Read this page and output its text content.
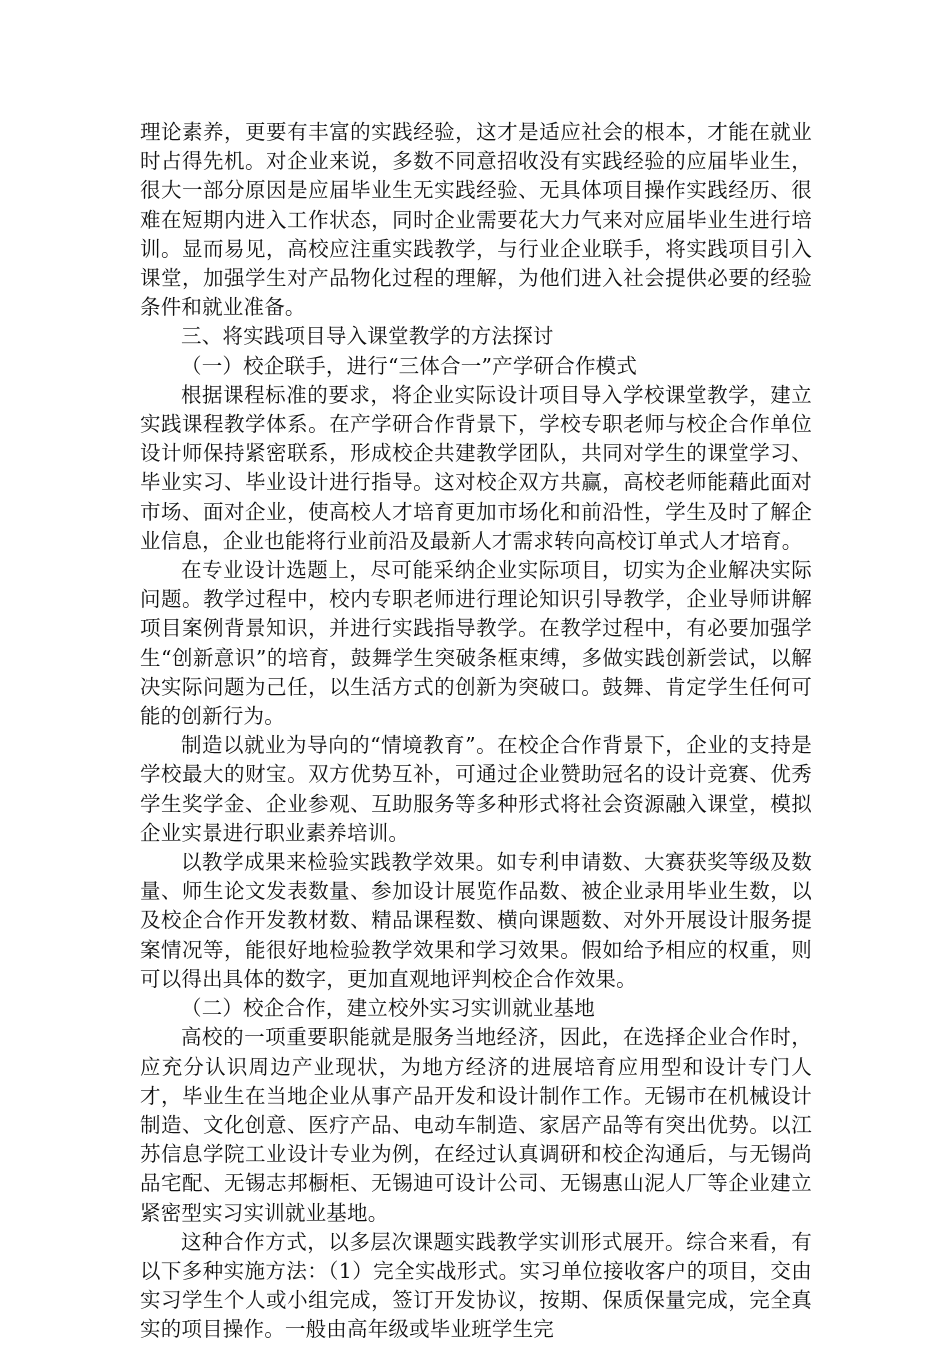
理论素养，更要有丰富的实践经验，这才是适应社会的根本，才能在就业时占得先机。对企业来说，多数不同意招收没有实践经验的应届毕业生，很大一部分原因是应届毕业生无实践经验、无具体项目操作实践经历、很难在短期内进入工作状态，同时企业需要花大力气来对应届毕业生进行培训。显而易见，高校应注重实践教学，与行业企业联手，将实践项目引入课堂，加强学生对产品物化过程的理解，为他们进入社会提供必要的经验条件和就业准备。

三、将实践项目导入课堂教学的方法探讨

（一）校企联手，进行“三体合一”产学研合作模式

根据课程标准的要求，将企业实际设计项目导入学校课堂教学，建立实践课程教学体系。在产学研合作背景下，学校专职老师与校企合作单位设计师保持紧密联系，形成校企共建教学团队，共同对学生的课堂学习、毕业实习、毕业设计进行指导。这对校企双方共赢，高校老师能藉此面对市场、面对企业，使高校人才培育更加市场化和前沿性，学生及时了解企业信息，企业也能将行业前沿及最新人才需求转向高校订单式人才培育。

在专业设计选题上，尽可能采纳企业实际项目，切实为企业解决实际问题。教学过程中，校内专职老师进行理论知识引导教学，企业导师讲解项目案例背景知识，并进行实践指导教学。在教学过程中，有必要加强学生“创新意识”的培育，鼓舞学生突破条框束缚，多做实践创新尝试，以解决实际问题为己任，以生活方式的创新为突破口。鼓舞、肯定学生任何可能的创新行为。

制造以就业为导向的“情境教育”。在校企合作背景下，企业的支持是学校最大的财宝。双方优势互补，可通过企业赞助冠名的设计竞赛、优秀学生奖学金、企业参观、互助服务等多种形式将社会资源融入课堂，模拟企业实景进行职业素养培训。

以教学成果来检验实践教学效果。如专利申请数、大赛获奖等级及数量、师生论文发表数量、参加设计展览作品数、被企业录用毕业生数，以及校企合作开发教材数、精品课程数、横向课题数、对外开展设计服务提案情况等，能很好地检验教学效果和学习效果。假如给予相应的权重，则可以得出具体的数字，更加直观地评判校企合作效果。

（二）校企合作，建立校外实习实训就业基地

高校的一项重要职能就是服务当地经济，因此，在选择企业合作时，应充分认识周边产业现状，为地方经济的进展培育应用型和设计专门人才，毕业生在当地企业从事产品开发和设计制作工作。无锡市在机械设计制造、文化创意、医疗产品、电动车制造、家居产品等有突出优势。以江苏信息学院工业设计专业为例，在经过认真调研和校企沟通后，与无锡尚品宅配、无锡志邦橱柜、无锡迪可设计公司、无锡惠山泥人厂等企业建立紧密型实习实训就业基地。

这种合作方式，以多层次课题实践教学实训形式展开。综合来看，有以下多种实施方法：（1）完全实战形式。实习单位接收客户的项目，交由实习学生个人或小组完成，签订开发协议，按期、保质保量完成，完全真实的项目操作。一般由高年级或毕业班学生完
